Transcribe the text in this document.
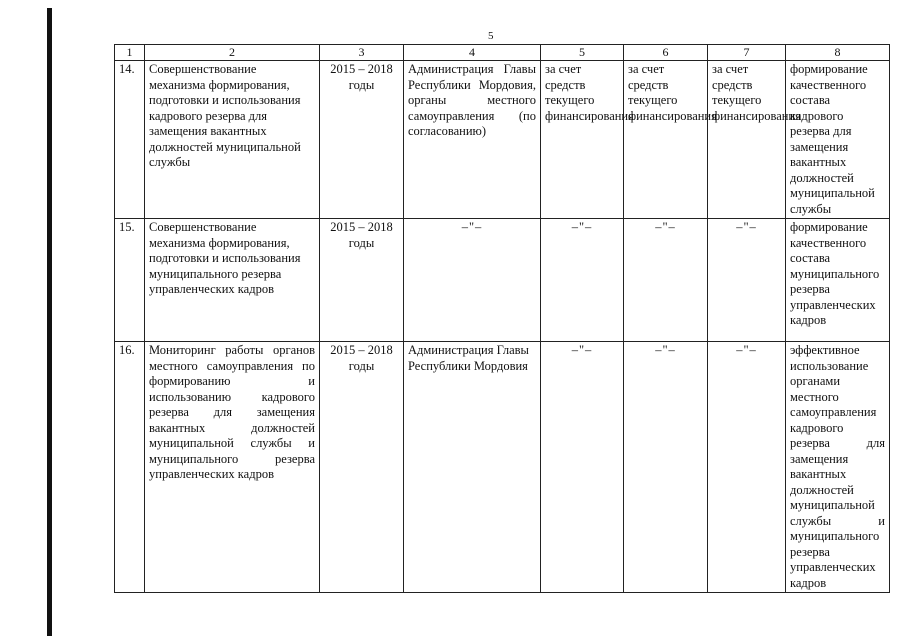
5
1	2	3	4	5	6	7	8
14.	Совершенствование механизма формирования, подготовки и использования кадрового резерва для замещения вакантных должностей муниципальной службы	2015 – 2018 годы	Администрация Главы Республики Мордовия, органы местного самоуправления (по согласованию)	за счет средств текущего финансирования	за счет средств текущего финансирования	за счет средств текущего финансирования	формирование качественного состава кадрового резерва для замещения вакантных должностей муниципальной службы
15.	Совершенствование механизма формирования, подготовки и использования муниципального резерва управленческих кадров	2015 – 2018 годы	–"–	–"–	–"–	–"–	формирование качественного состава муниципального резерва управленческих кадров
16.	Мониторинг работы органов местного самоуправления по формированию и использованию кадрового резерва для замещения вакантных должностей муниципальной службы и муниципального резерва управленческих кадров	2015 – 2018 годы	Администрация Главы Республики Мордовия	–"–	–"–	–"–	эффективное использование органами местного самоуправления кадрового резерва для замещения вакантных должностей муниципальной службы и муниципального резерва управленческих кадров
